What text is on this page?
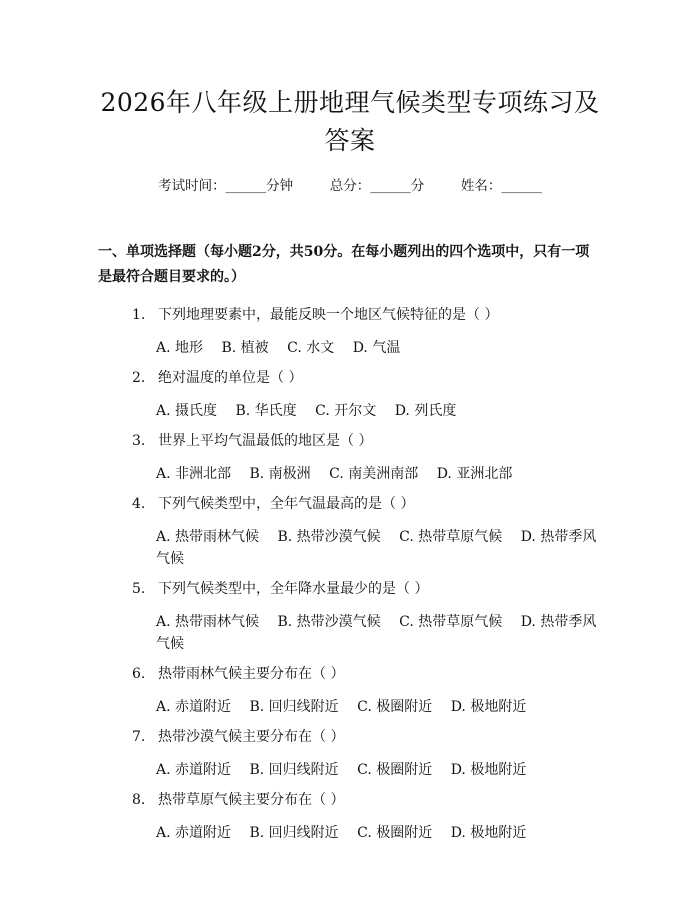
2026年八年级上册地理气候类型专项练习及
答案
考试时间：______分钟	总分：______分	姓名：______
一、单项选择题（每小题2分，共50分。在每小题列出的四个选项中，只有一项是最符合题目要求的。）
1. 下列地理要素中，最能反映一个地区气候特征的是（ ）
A. 地形 B. 植被 C. 水文 D. 气温
2. 绝对温度的单位是（ ）
A. 摄氏度 B. 华氏度 C. 开尔文 D. 列氏度
3. 世界上平均气温最低的地区是（ ）
A. 非洲北部 B. 南极洲 C. 南美洲南部 D. 亚洲北部
4. 下列气候类型中，全年气温最高的是（ ）
A. 热带雨林气候 B. 热带沙漠气候 C. 热带草原气候 D. 热带季风气候
5. 下列气候类型中，全年降水量最少的是（ ）
A. 热带雨林气候 B. 热带沙漠气候 C. 热带草原气候 D. 热带季风气候
6. 热带雨林气候主要分布在（ ）
A. 赤道附近 B. 回归线附近 C. 极圈附近 D. 极地附近
7. 热带沙漠气候主要分布在（ ）
A. 赤道附近 B. 回归线附近 C. 极圈附近 D. 极地附近
8. 热带草原气候主要分布在（ ）
A. 赤道附近 B. 回归线附近 C. 极圈附近 D. 极地附近
